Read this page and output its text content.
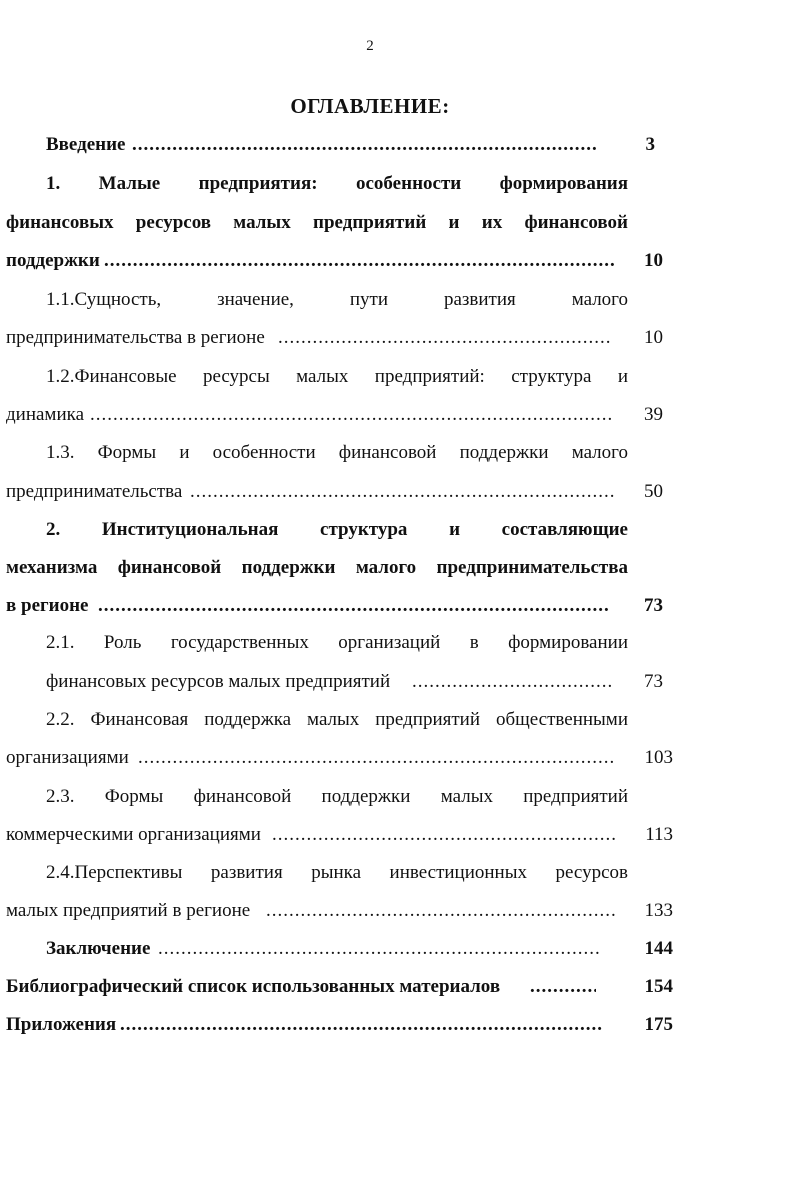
2
ОГЛАВЛЕНИЕ:
Введение .....	3
1. Малые предприятия: особенности формирования
финансовых ресурсов малых предприятий и их финансовой
поддержки .....	10
1.1.Сущность, значение, пути развития малого
предпринимательства в регионе .....	10
1.2.Финансовые ресурсы малых предприятий: структура и
динамика .....	39
1.3. Формы и особенности финансовой поддержки малого
предпринимательства .....	50
2. Институциональная структура и составляющие
механизма финансовой поддержки малого предпринимательства
в регионе .....	73
2.1. Роль государственных организаций в формировании
финансовых ресурсов малых предприятий .....	73
2.2. Финансовая поддержка малых предприятий общественными
организациями .....	103
2.3. Формы финансовой поддержки малых предприятий
коммерческими организациями .....	113
2.4.Перспективы развития рынка инвестиционных ресурсов
малых предприятий в регионе .....	133
Заключение .....	144
Библиографический список использованных материалов .....	154
Приложения .....	175
